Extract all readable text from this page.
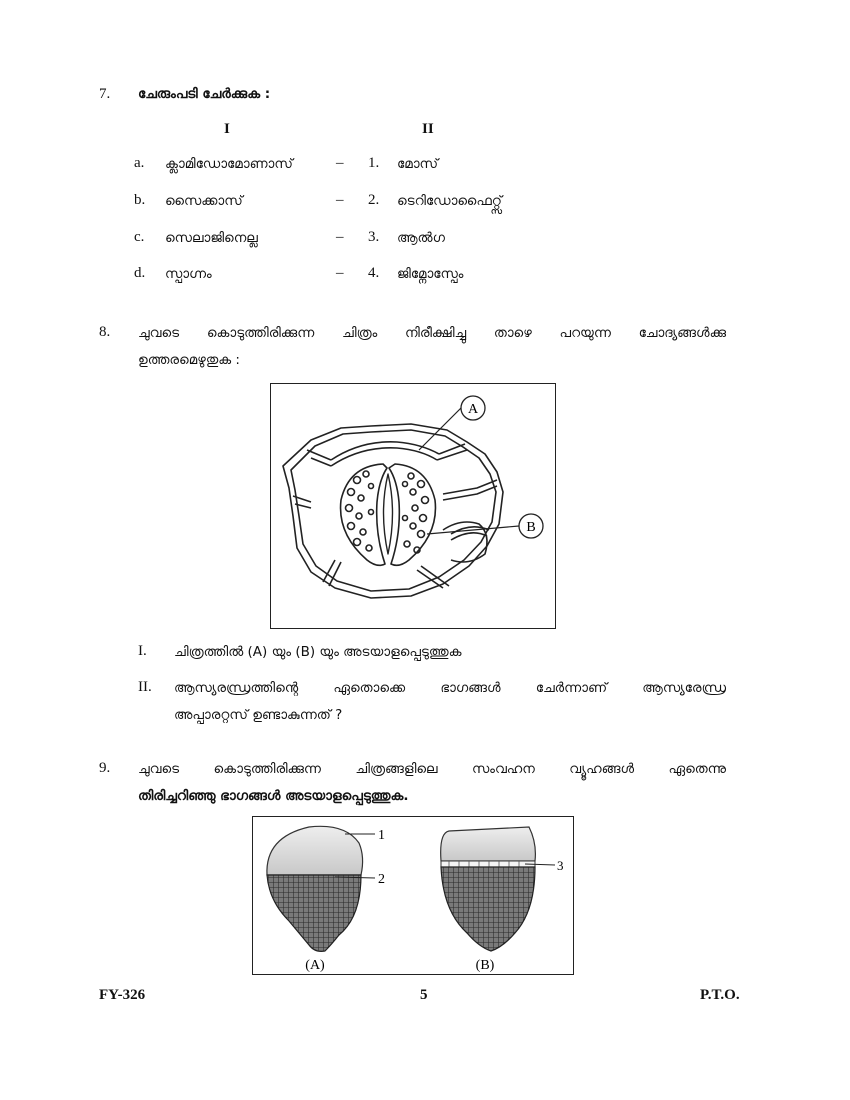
7. ചേരുംപടി ചേർക്കുക :
I	II
a. ക്ലാമിഡോമോണാസ്	– 1. മോസ്
b. സൈക്കാസ്	– 2. ടെറിഡോഫൈറ്റ്സ്
c. സെലാജിനെല്ല	– 3. ആൽഗ
d. സ്പാഗ്നം	– 4. ജിമ്നോസ്പേം
8. ചുവടെ കൊടുത്തിരിക്കുന്ന ചിത്രം നിരീക്ഷിച്ചു താഴെ പറയുന്ന ചോദ്യങ്ങൾക്കു
ഉത്തരമെഴുതുക :
A
B
I. ചിത്രത്തിൽ (A) യും (B) യും അടയാളപ്പെടുത്തുക
II. ആസ്യരന്ധ്രത്തിന്റെ ഏതൊക്കെ ഭാഗങ്ങൾ ചേർന്നാണ് ആസ്യരേന്ധ്ര
അപ്പാരറ്റസ് ഉണ്ടാകുന്നത് ?
9. ചുവടെ കൊടുത്തിരിക്കുന്ന ചിത്രങ്ങളിലെ സംവഹന വ്യൂഹങ്ങൾ ഏതെന്നു
തിരിച്ചറിഞ്ഞു ഭാഗങ്ങൾ അടയാളപ്പെടുത്തുക.
1
2
(A)
3
(B)
FY-326	5	P.T.O.
